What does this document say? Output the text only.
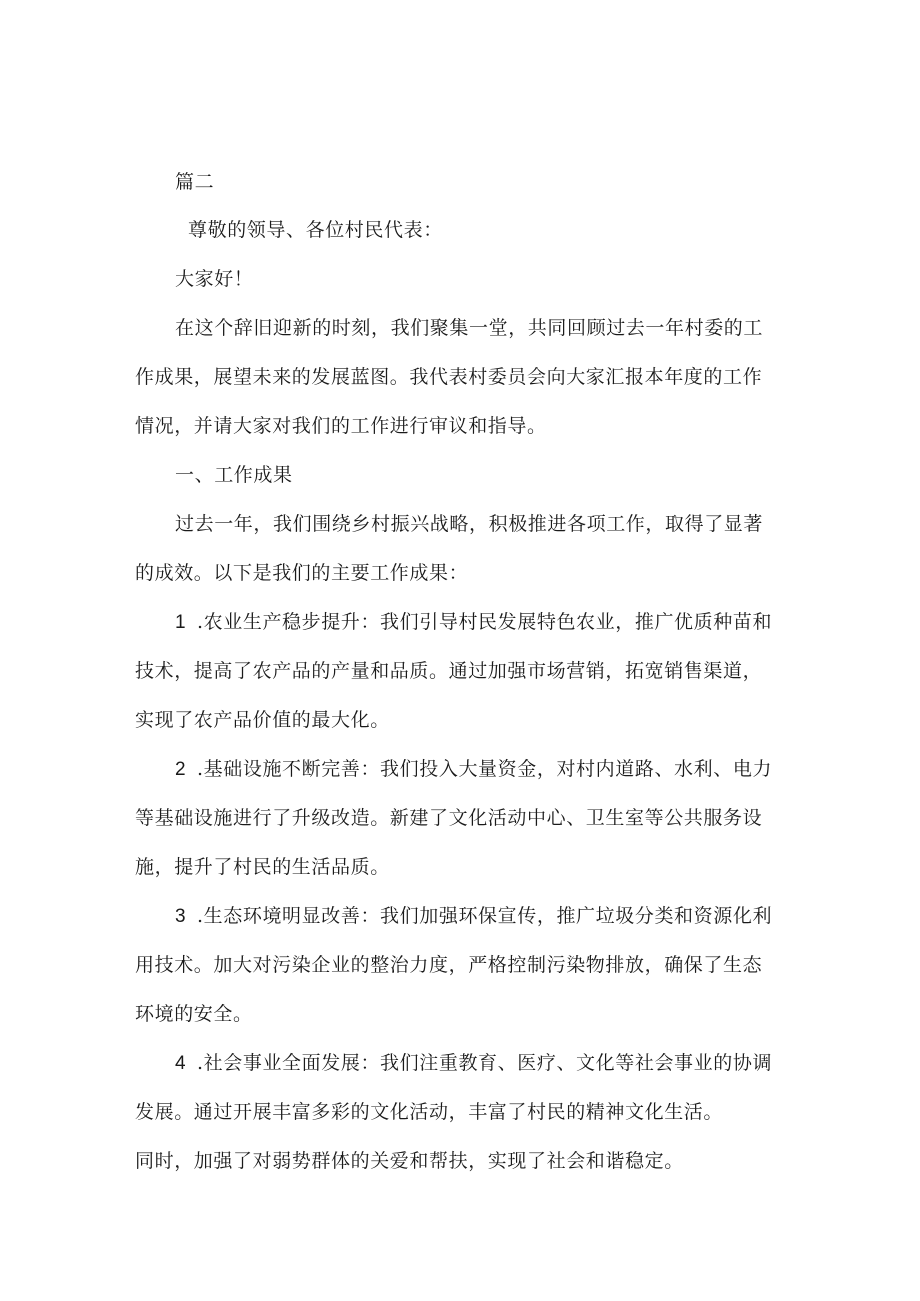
篇二
尊敬的领导、各位村民代表：
大家好！
在这个辞旧迎新的时刻，我们聚集一堂，共同回顾过去一年村委的工
作成果，展望未来的发展蓝图。我代表村委员会向大家汇报本年度的工作
情况，并请大家对我们的工作进行审议和指导。
一、工作成果
过去一年，我们围绕乡村振兴战略，积极推进各项工作，取得了显著
的成效。以下是我们的主要工作成果：
1 .农业生产稳步提升：我们引导村民发展特色农业，推广优质种苗和
技术，提高了农产品的产量和品质。通过加强市场营销，拓宽销售渠道，
实现了农产品价值的最大化。
2 .基础设施不断完善：我们投入大量资金，对村内道路、水利、电力
等基础设施进行了升级改造。新建了文化活动中心、卫生室等公共服务设
施，提升了村民的生活品质。
3 .生态环境明显改善：我们加强环保宣传，推广垃圾分类和资源化利
用技术。加大对污染企业的整治力度，严格控制污染物排放，确保了生态
环境的安全。
4 .社会事业全面发展：我们注重教育、医疗、文化等社会事业的协调
发展。通过开展丰富多彩的文化活动，丰富了村民的精神文化生活。
同时，加强了对弱势群体的关爱和帮扶，实现了社会和谐稳定。
